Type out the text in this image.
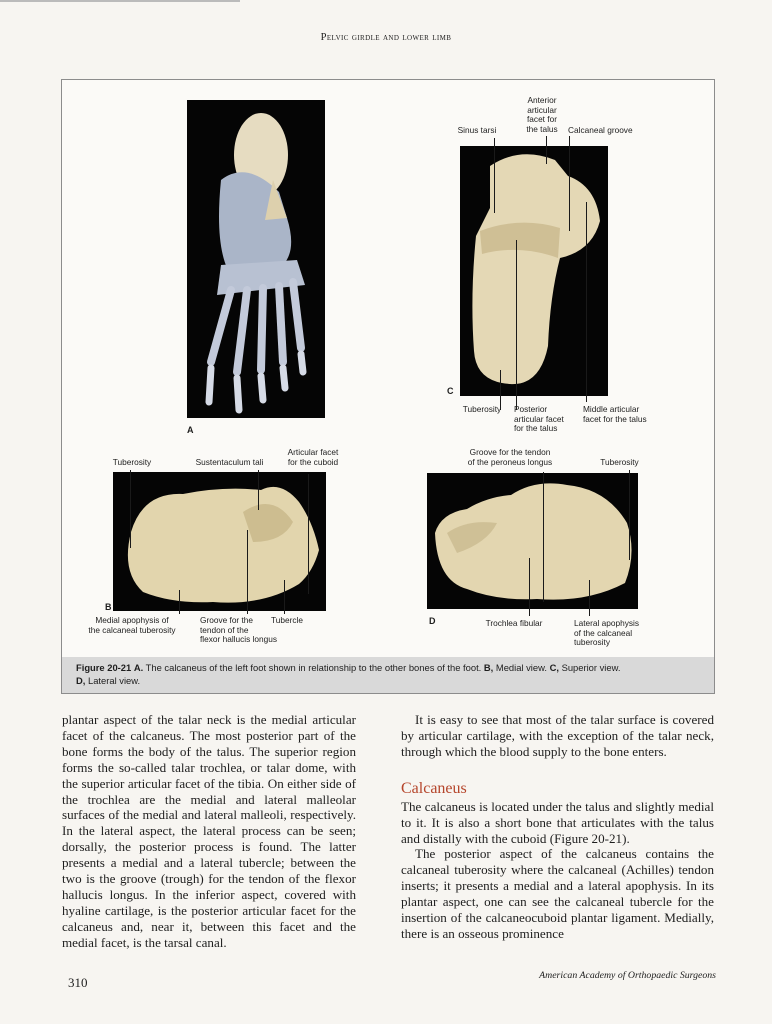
Pelvic girdle and lower limb
A
Anterior
articular
facet for
the talus
Sinus tarsi	Calcaneal groove
C
Tuberosity	Posterior
articular facet
for the talus
Middle articular
facet for the talus
Tuberosity	Sustentaculum tali
Articular facet
for the cuboid
B
Medial apophysis of
the calcaneal tuberosity
Groove for the
tendon of the
flexor hallucis longus
Tubercle
Groove for the tendon
of the peroneus longus	Tuberosity
D	Trochlea fibular	Lateral apophysis
of the calcaneal
tuberosity
Figure 20-21 A. The calcaneus of the left foot shown in relationship to the other bones of the foot. B, Medial view. C, Superior view.
D, Lateral view.

plantar aspect of the talar neck is the medial articular facet of the calcaneus. The most posterior part of the bone forms the body of the talus. The superior region forms the so-called talar trochlea, or talar dome, with the superior articular facet of the tibia. On either side of the trochlea are the medial and lateral malleolar surfaces of the medial and lateral malleoli, respectively. In the lateral aspect, the lateral process can be seen; dorsally, the posterior process is found. The latter presents a medial and a lateral tubercle; between the two is the groove (trough) for the tendon of the flexor hallucis longus. In the inferior aspect, covered with hyaline cartilage, is the posterior articular facet for the calcaneus and, near it, between this facet and the medial facet, is the tarsal canal.

It is easy to see that most of the talar surface is covered by articular cartilage, with the exception of the talar neck, through which the blood supply to the bone enters.

Calcaneus

The calcaneus is located under the talus and slightly medial to it. It is also a short bone that articulates with the talus and distally with the cuboid (Figure 20-21).

The posterior aspect of the calcaneus contains the calcaneal tuberosity where the calcaneal (Achilles) tendon inserts; it presents a medial and a lateral apophysis. In its plantar aspect, one can see the calcaneal tubercle for the insertion of the calcaneocuboid plantar ligament. Medially, there is an osseous prominence

310	American Academy of Orthopaedic Surgeons
